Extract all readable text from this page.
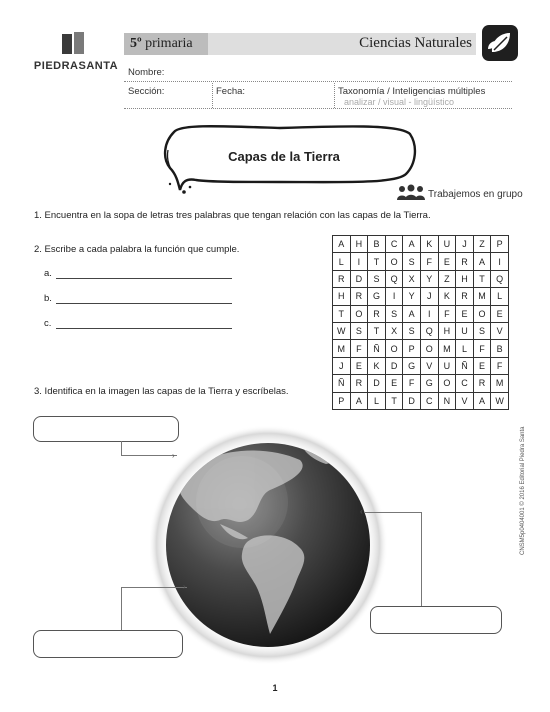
PIEDRASANTA
5º primaria	Ciencias Naturales
Nombre:
Sección:	Fecha:	Taxonomía / Inteligencias múltiples
analizar / visual - lingüístico
Capas de la Tierra
Trabajemos en grupo
1. Encuentra en la sopa de letras tres palabras que tengan relación con las capas de la Tierra.
2. Escribe a cada palabra la función que cumple.
a.
b.
c.
A	H	B	C	A	K	U	J	Z	P
L	I	T	O	S	F	E	R	A	I
R	D	S	Q	X	Y	Z	H	T	Q
H	R	G	I	Y	J	K	R	M	L
T	O	R	S	A	I	F	E	O	E
W	S	T	X	S	Q	H	U	S	V
M	F	Ñ	O	P	O	M	L	F	B
J	E	K	D	G	V	U	Ñ	E	F
Ñ	R	D	E	F	G	O	C	R	M
P	A	L	T	D	C	N	V	A	W
3. Identifica en la imagen las capas de la Tierra y escríbelas.
›
‹
›
CNSM5p0404001 © 2016 Editorial Piedra Santa
1
